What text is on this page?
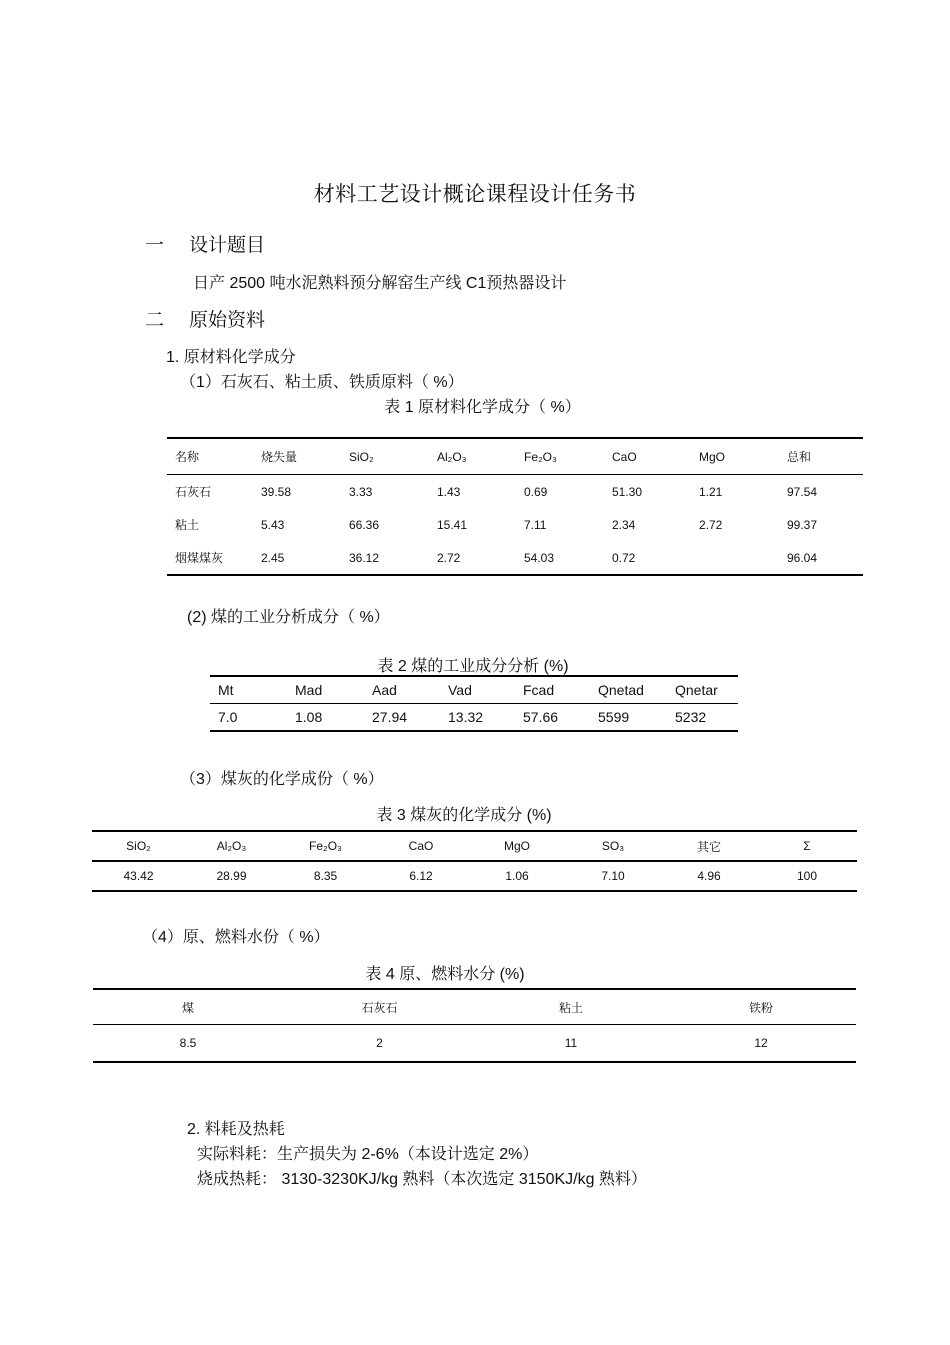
材料工艺设计概论课程设计任务书
一 设计题目
日产 2500 吨水泥熟料预分解窑生产线 C1预热器设计
二 原始资料
1. 原材料化学成分
（1）石灰石、粘土质、铁质原料（ %）
表 1 原材料化学成分（ %）
名称	烧失量	SiO₂	Al₂O₃	Fe₂O₃	CaO	MgO	总和
石灰石	39.58	3.33	1.43	0.69	51.30	1.21	97.54
粘土	5.43	66.36	15.41	7.11	2.34	2.72	99.37
烟煤煤灰	2.45	36.12	2.72	54.03	0.72		96.04
(2) 煤的工业分析成分（ %）
表 2 煤的工业成分分析 (%)
Mt	Mad	Aad	Vad	Fcad	Qnetad	Qnetar
7.0	1.08	27.94	13.32	57.66	5599	5232
（3）煤灰的化学成份（ %）
表 3 煤灰的化学成分 (%)
SiO₂	Al₂O₃	Fe₂O₃	CaO	MgO	SO₃	其它	Σ
43.42	28.99	8.35	6.12	1.06	7.10	4.96	100
（4）原、燃料水份（ %）
表 4 原、燃料水分 (%)
煤	石灰石	粘土	铁粉
8.5	2	11	12
2. 料耗及热耗
实际料耗：生产损失为 2-6%（本设计选定 2%）
烧成热耗： 3130-3230KJ/kg 熟料（本次选定 3150KJ/kg 熟料）
